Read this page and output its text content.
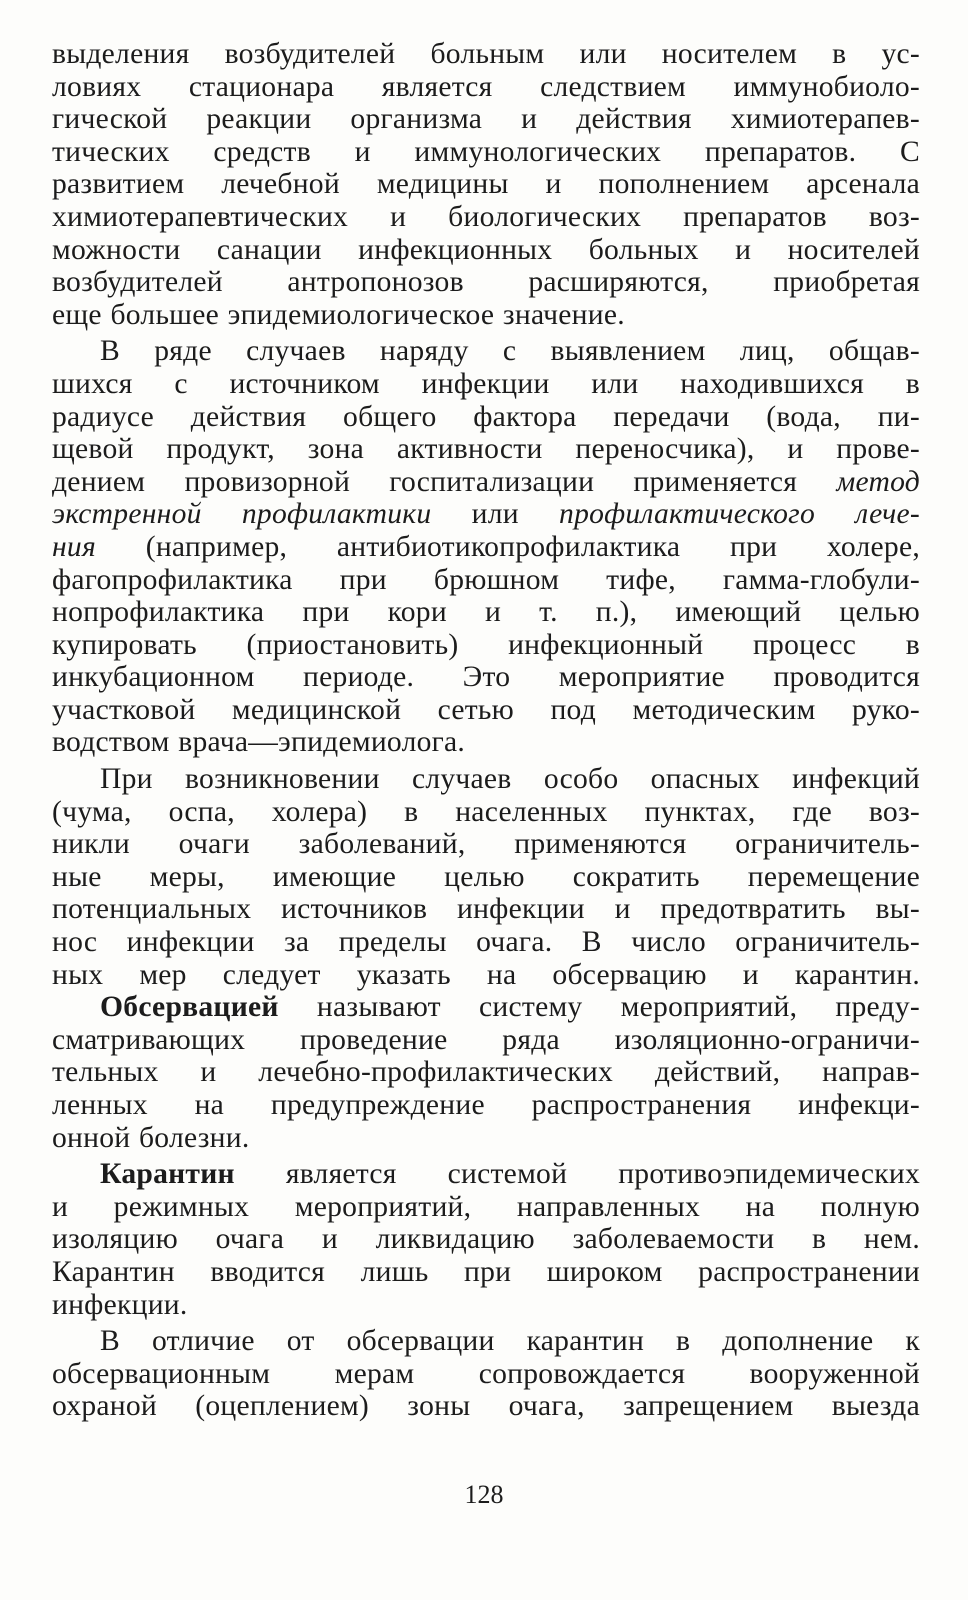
выделения возбудителей больным или носителем в ус-
ловиях стационара является следствием иммунобиоло-
гической реакции организма и действия химиотерапев-
тических средств и иммунологических препаратов. С
развитием лечебной медицины и пополнением арсенала
химиотерапевтических и биологических препаратов воз-
можности санации инфекционных больных и носителей
возбудителей антропонозов расширяются, приобретая
еще большее эпидемиологическое значение.

В ряде случаев наряду с выявлением лиц, общав-
шихся с источником инфекции или находившихся в
радиусе действия общего фактора передачи (вода, пи-
щевой продукт, зона активности переносчика), и прове-
дением провизорной госпитализации применяется метод
экстренной профилактики или профилактического лече-
ния (например, антибиотикопрофилактика при холере,
фагопрофилактика при брюшном тифе, гамма-глобули-
нопрофилактика при кори и т. п.), имеющий целью
купировать (приостановить) инфекционный процесс в
инкубационном периоде. Это мероприятие проводится
участковой медицинской сетью под методическим руко-
водством врача—эпидемиолога.

При возникновении случаев особо опасных инфекций
(чума, оспа, холера) в населенных пунктах, где воз-
никли очаги заболеваний, применяются ограничитель-
ные меры, имеющие целью сократить перемещение
потенциальных источников инфекции и предотвратить вы-
нос инфекции за пределы очага. В число ограничитель-
ных мер следует указать на обсервацию и карантин.

Обсервацией называют систему мероприятий, преду-
сматривающих проведение ряда изоляционно-ограничи-
тельных и лечебно-профилактических действий, направ-
ленных на предупреждение распространения инфекци-
онной болезни.

Карантин является системой противоэпидемических
и режимных мероприятий, направленных на полную
изоляцию очага и ликвидацию заболеваемости в нем.
Карантин вводится лишь при широком распространении
инфекции.

В отличие от обсервации карантин в дополнение к
обсервационным мерам сопровождается вооруженной
охраной (оцеплением) зоны очага, запрещением выезда

128
